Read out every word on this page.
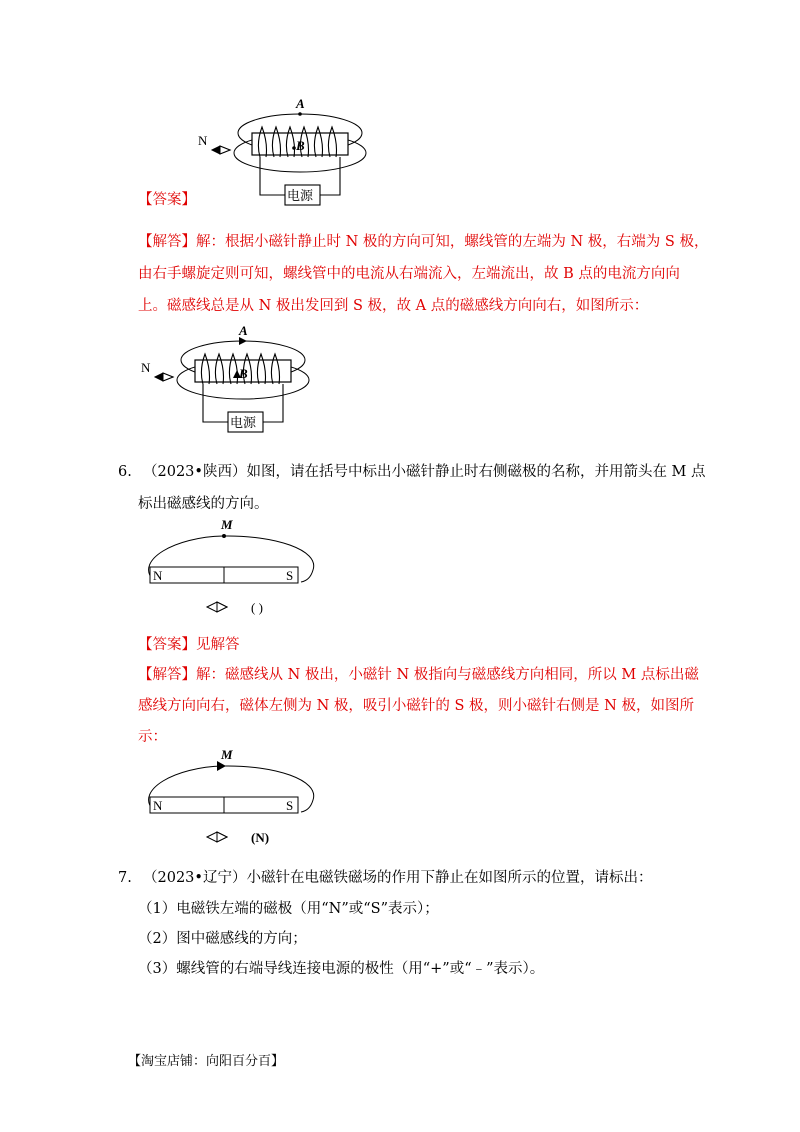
B
A
电源
N
【答案】
【解答】解：根据小磁针静止时 N 极的方向可知，螺线管的左端为 N 极，右端为 S 极，
由右手螺旋定则可知，螺线管中的电流从右端流入，左端流出，故 B 点的电流方向向
上。磁感线总是从 N 极出发回到 S 极，故 A 点的磁感线方向向右，如图所示：
A
B
电源
N
6. （2023•陕西）如图，请在括号中标出小磁针静止时右侧磁极的名称，并用箭头在 M 点
标出磁感线的方向。
M
N	S
( )
【答案】见解答
【解答】解：磁感线从 N 极出，小磁针 N 极指向与磁感线方向相同，所以 M 点标出磁
感线方向向右，磁体左侧为 N 极，吸引小磁针的 S 极，则小磁针右侧是 N 极，如图所
示：
M
N	S
(N)
7. （2023•辽宁）小磁针在电磁铁磁场的作用下静止在如图所示的位置，请标出：
（1）电磁铁左端的磁极（用“N”或“S”表示）；
（2）图中磁感线的方向；
（3）螺线管的右端导线连接电源的极性（用“+”或“﹣”表示）。
【淘宝店铺：向阳百分百】
